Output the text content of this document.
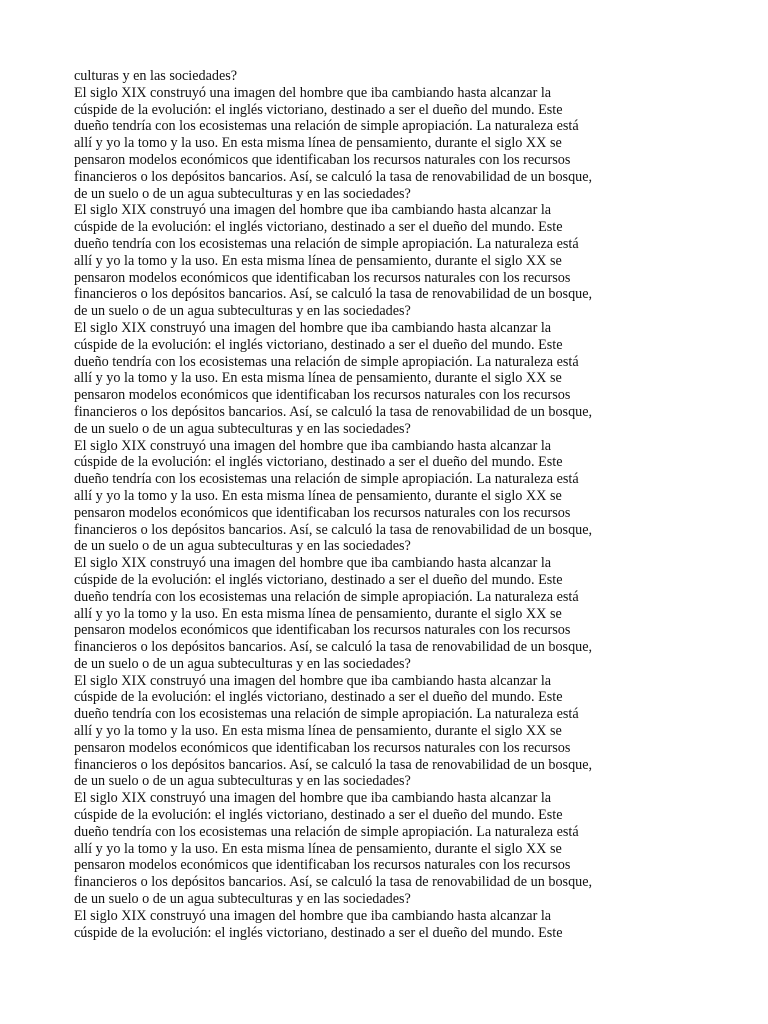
culturas y en las sociedades?
El siglo XIX construyó una imagen del hombre que iba cambiando hasta alcanzar la
cúspide de la evolución: el inglés victoriano, destinado a ser el dueño del mundo. Este
dueño tendría con los ecosistemas una relación de simple apropiación. La naturaleza está
allí y yo la tomo y la uso. En esta misma línea de pensamiento, durante el siglo XX se
pensaron modelos económicos que identificaban los recursos naturales con los recursos
financieros o los depósitos bancarios. Así, se calculó la tasa de renovabilidad de un bosque,
de un suelo o de un agua subteculturas y en las sociedades?
El siglo XIX construyó una imagen del hombre que iba cambiando hasta alcanzar la
cúspide de la evolución: el inglés victoriano, destinado a ser el dueño del mundo. Este
dueño tendría con los ecosistemas una relación de simple apropiación. La naturaleza está
allí y yo la tomo y la uso. En esta misma línea de pensamiento, durante el siglo XX se
pensaron modelos económicos que identificaban los recursos naturales con los recursos
financieros o los depósitos bancarios. Así, se calculó la tasa de renovabilidad de un bosque,
de un suelo o de un agua subteculturas y en las sociedades?
El siglo XIX construyó una imagen del hombre que iba cambiando hasta alcanzar la
cúspide de la evolución: el inglés victoriano, destinado a ser el dueño del mundo. Este
dueño tendría con los ecosistemas una relación de simple apropiación. La naturaleza está
allí y yo la tomo y la uso. En esta misma línea de pensamiento, durante el siglo XX se
pensaron modelos económicos que identificaban los recursos naturales con los recursos
financieros o los depósitos bancarios. Así, se calculó la tasa de renovabilidad de un bosque,
de un suelo o de un agua subteculturas y en las sociedades?
El siglo XIX construyó una imagen del hombre que iba cambiando hasta alcanzar la
cúspide de la evolución: el inglés victoriano, destinado a ser el dueño del mundo. Este
dueño tendría con los ecosistemas una relación de simple apropiación. La naturaleza está
allí y yo la tomo y la uso. En esta misma línea de pensamiento, durante el siglo XX se
pensaron modelos económicos que identificaban los recursos naturales con los recursos
financieros o los depósitos bancarios. Así, se calculó la tasa de renovabilidad de un bosque,
de un suelo o de un agua subteculturas y en las sociedades?
El siglo XIX construyó una imagen del hombre que iba cambiando hasta alcanzar la
cúspide de la evolución: el inglés victoriano, destinado a ser el dueño del mundo. Este
dueño tendría con los ecosistemas una relación de simple apropiación. La naturaleza está
allí y yo la tomo y la uso. En esta misma línea de pensamiento, durante el siglo XX se
pensaron modelos económicos que identificaban los recursos naturales con los recursos
financieros o los depósitos bancarios. Así, se calculó la tasa de renovabilidad de un bosque,
de un suelo o de un agua subteculturas y en las sociedades?
El siglo XIX construyó una imagen del hombre que iba cambiando hasta alcanzar la
cúspide de la evolución: el inglés victoriano, destinado a ser el dueño del mundo. Este
dueño tendría con los ecosistemas una relación de simple apropiación. La naturaleza está
allí y yo la tomo y la uso. En esta misma línea de pensamiento, durante el siglo XX se
pensaron modelos económicos que identificaban los recursos naturales con los recursos
financieros o los depósitos bancarios. Así, se calculó la tasa de renovabilidad de un bosque,
de un suelo o de un agua subteculturas y en las sociedades?
El siglo XIX construyó una imagen del hombre que iba cambiando hasta alcanzar la
cúspide de la evolución: el inglés victoriano, destinado a ser el dueño del mundo. Este
dueño tendría con los ecosistemas una relación de simple apropiación. La naturaleza está
allí y yo la tomo y la uso. En esta misma línea de pensamiento, durante el siglo XX se
pensaron modelos económicos que identificaban los recursos naturales con los recursos
financieros o los depósitos bancarios. Así, se calculó la tasa de renovabilidad de un bosque,
de un suelo o de un agua subteculturas y en las sociedades?
El siglo XIX construyó una imagen del hombre que iba cambiando hasta alcanzar la
cúspide de la evolución: el inglés victoriano, destinado a ser el dueño del mundo. Este
